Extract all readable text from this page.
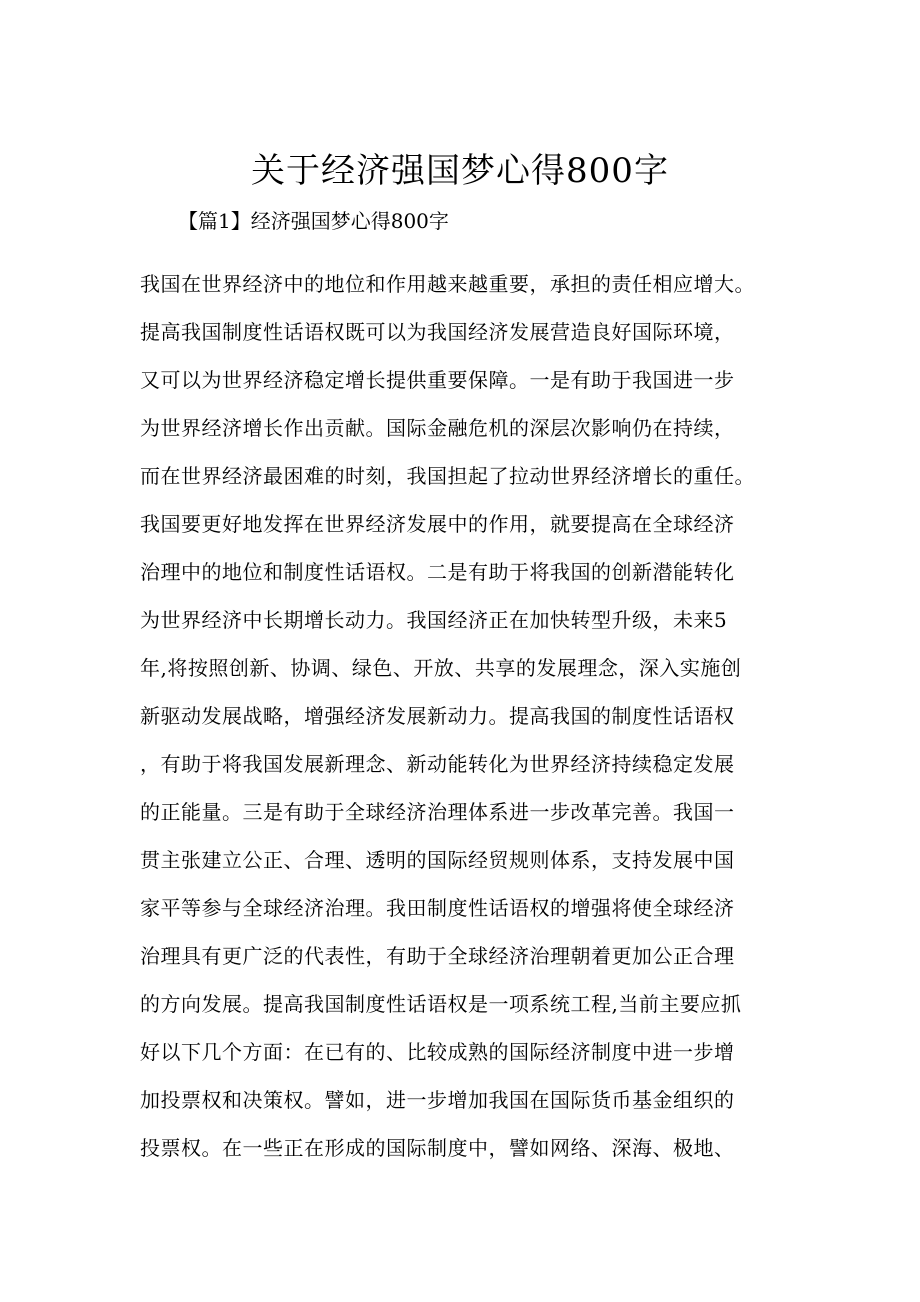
关于经济强国梦心得800字
【篇1】经济强国梦心得800字
我国在世界经济中的地位和作用越来越重要，承担的责任相应增大。
提高我国制度性话语权既可以为我国经济发展营造良好国际环境，
又可以为世界经济稳定增长提供重要保障。一是有助于我国进一步
为世界经济增长作出贡献。国际金融危机的深层次影响仍在持续，
而在世界经济最困难的时刻，我国担起了拉动世界经济增长的重任。
我国要更好地发挥在世界经济发展中的作用，就要提高在全球经济
治理中的地位和制度性话语权。二是有助于将我国的创新潜能转化
为世界经济中长期增长动力。我国经济正在加快转型升级，未来5
年,将按照创新、协调、绿色、开放、共享的发展理念，深入实施创
新驱动发展战略，增强经济发展新动力。提高我国的制度性话语权
，有助于将我国发展新理念、新动能转化为世界经济持续稳定发展
的正能量。三是有助于全球经济治理体系进一步改革完善。我国一
贯主张建立公正、合理、透明的国际经贸规则体系，支持发展中国
家平等参与全球经济治理。我田制度性话语权的增强将使全球经济
治理具有更广泛的代表性，有助于全球经济治理朝着更加公正合理
的方向发展。提高我国制度性话语权是一项系统工程,当前主要应抓
好以下几个方面：在已有的、比较成熟的国际经济制度中进一步增
加投票权和决策权。譬如，进一步增加我国在国际货币基金组织的
投票权。在一些正在形成的国际制度中，譬如网络、深海、极地、
